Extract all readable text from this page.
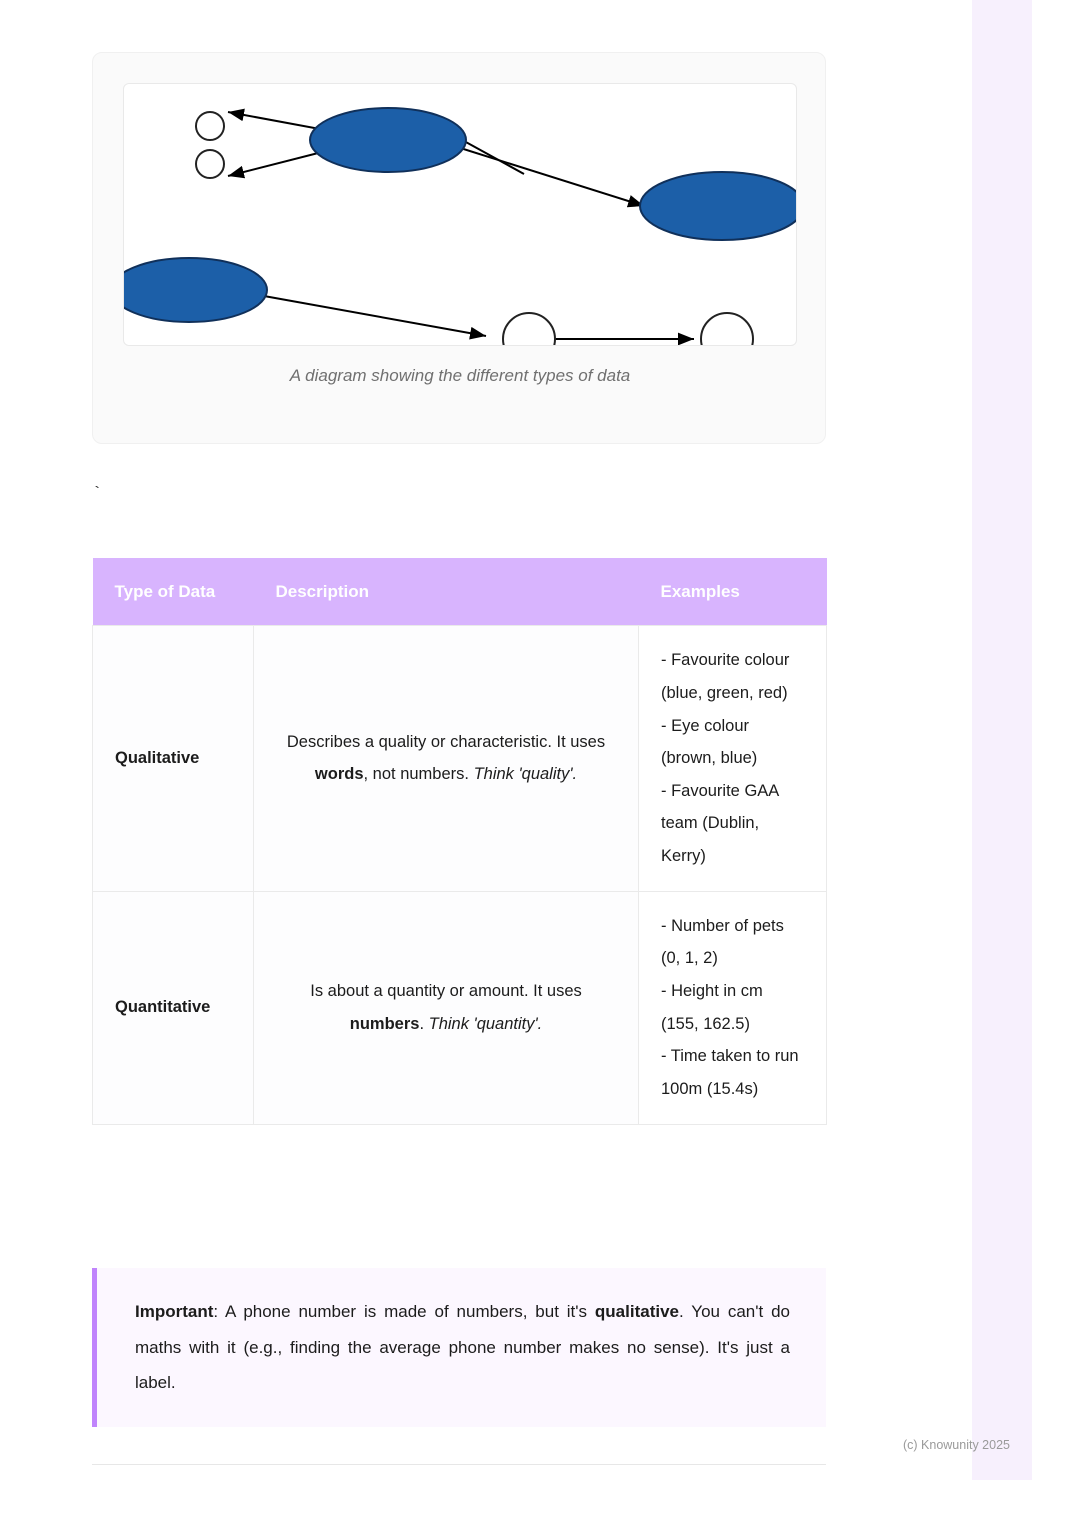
A diagram showing the different types of data
`
Type of Data	Description	Examples
Qualitative	Describes a quality or characteristic. It uses words, not numbers. Think 'quality'.	- Favourite colour (blue, green, red)
- Eye colour (brown, blue)
- Favourite GAA team (Dublin, Kerry)

Quantitative	Is about a quantity or amount. It uses numbers. Think 'quantity'.	- Number of pets (0, 1, 2)
- Height in cm (155, 162.5)
- Time taken to run 100m (15.4s)
Important: A phone number is made of numbers, but it's qualitative. You can't do maths with it (e.g., finding the average phone number makes no sense). It's just a label.
(c) Knowunity 2025
